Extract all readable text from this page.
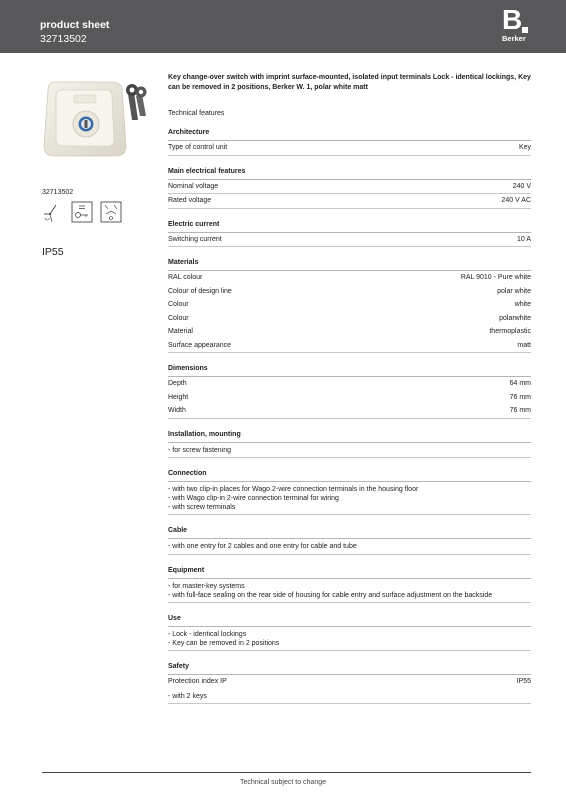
product sheet
32713502
B
Berker
32713502
IP55
Key change-over switch with imprint surface-mounted, isolated input terminals Lock - identical lockings, Key can be removed in 2 positions, Berker W. 1, polar white matt
Technical features
Architecture
Type of control unit	Key
Main electrical features
Nominal voltage	240 V
Rated voltage	240 V AC
Electric current
Switching current	10 A
Materials
RAL colour	RAL 9010 - Pure white
Colour of design line	polar white
Colour	white
Colour	polarwhite
Material	thermoplastic
Surface appearance	matt
Dimensions
Depth	64 mm
Height	76 mm
Width	76 mm
Installation, mounting
- for screw fastening
Connection
- with two clip-in places for Wago 2-wire connection terminals in the housing floor
- with Wago clip-in 2-wire connection terminal for wiring
- with screw terminals
Cable
- with one entry for 2 cables and one entry for cable and tube
Equipment
- for master-key systems
- with full-face sealing on the rear side of housing for cable entry and surface adjustment on the backside
Use
- Lock - identical lockings
- Key can be removed in 2 positions
Safety
Protection index IP	IP55
- with 2 keys
Technical subject to change
